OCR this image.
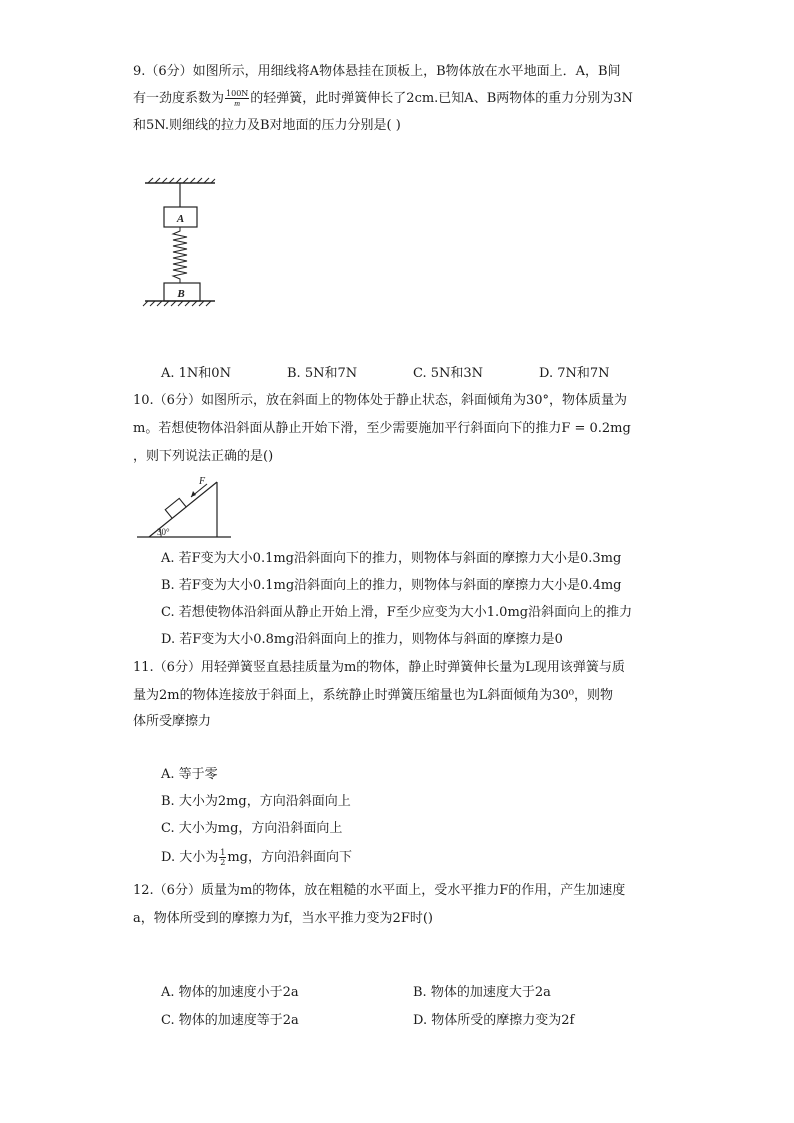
9.（6分）如图所示，用细线将A物体悬挂在顶板上，B物体放在水平地面上．A，B间
有一劲度系数为 $\frac{100N}{m}$ 的轻弹簧，此时弹簧伸长了2cm.已知A、B两物体的重力分别为3N
和5N.则细线的拉力及B对地面的压力分别是( )
A
B
A. 1N和0N	B. 5N和7N	C. 5N和3N	D. 7N和7N
10.（6分）如图所示，放在斜面上的物体处于静止状态，斜面倾角为30°，物体质量为
m。若想使物体沿斜面从静止开始下滑，至少需要施加平行斜面向下的推力F = 0.2mg
，则下列说法正确的是()
F
30°
A. 若F变为大小0.1mg沿斜面向下的推力，则物体与斜面的摩擦力大小是0.3mg
B. 若F变为大小0.1mg沿斜面向上的推力，则物体与斜面的摩擦力大小是0.4mg
C. 若想使物体沿斜面从静止开始上滑，F至少应变为大小1.0mg沿斜面向上的推力
D. 若F变为大小0.8mg沿斜面向上的推力，则物体与斜面的摩擦力是0
11.（6分）用轻弹簧竖直悬挂质量为m的物体，静止时弹簧伸长量为L现用该弹簧与质
量为2m的物体连接放于斜面上，系统静止时弹簧压缩量也为L斜面倾角为30⁰，则物
体所受摩擦力
A. 等于零
B. 大小为2mg，方向沿斜面向上
C. 大小为mg，方向沿斜面向上
D. 大小为 $\frac{1}{2}$ mg，方向沿斜面向下
12.（6分）质量为m的物体，放在粗糙的水平面上，受水平推力F的作用，产生加速度
a，物体所受到的摩擦力为f，当水平推力变为2F时()
A. 物体的加速度小于2a	B. 物体的加速度大于2a
C. 物体的加速度等于2a	D. 物体所受的摩擦力变为2f
